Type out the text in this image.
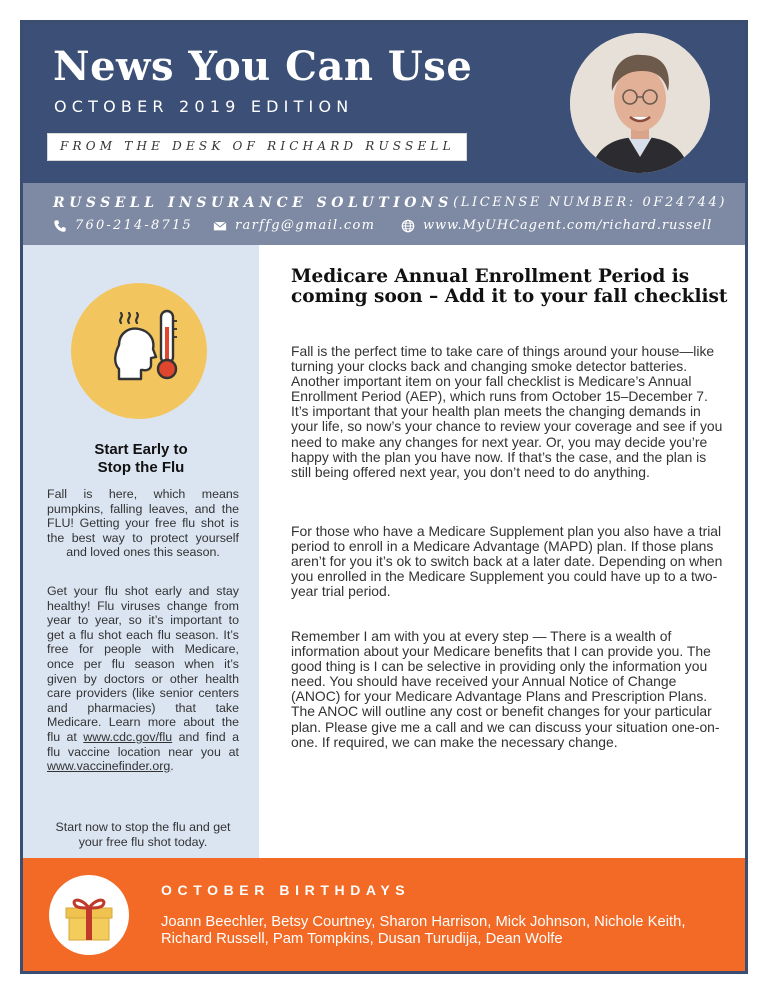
News You Can Use
OCTOBER 2019 EDITION
FROM THE DESK OF RICHARD RUSSELL
RUSSELL INSURANCE SOLUTIONS (LICENSE NUMBER: 0F24744)
760-214-8715	rarffg@gmail.com	www.MyUHCagent.com/richard.russell
Start Early to
Stop the Flu
Fall is here, which means pumpkins, falling leaves, and the FLU! Getting your free flu shot is the best way to protect yourself and loved ones this season.
Get your flu shot early and stay healthy! Flu viruses change from year to year, so it’s important to get a flu shot each flu season. It’s free for people with Medicare, once per flu season when it’s given by doctors or other health care providers (like senior centers and pharmacies) that take Medicare. Learn more about the flu at www.cdc.gov/flu and find a flu vaccine location near you at www.vaccinefinder.org.
Start now to stop the flu and get your free flu shot today.
Medicare Annual Enrollment Period is coming soon – Add it to your fall checklist
Fall is the perfect time to take care of things around your house—like turning your clocks back and changing smoke detector batteries. Another important item on your fall checklist is Medicare’s Annual Enrollment Period (AEP), which runs from October 15–December 7. It’s important that your health plan meets the changing demands in your life, so now’s your chance to review your coverage and see if you need to make any changes for next year. Or, you may decide you’re happy with the plan you have now. If that’s the case, and the plan is still being offered next year, you don’t need to do anything.
For those who have a Medicare Supplement plan you also have a trial period to enroll in a Medicare Advantage (MAPD) plan. If those plans aren’t for you it’s ok to switch back at a later date. Depending on when you enrolled in the Medicare Supplement you could have up to a two-year trial period.
Remember I am with you at every step — There is a wealth of information about your Medicare benefits that I can provide you. The good thing is I can be selective in providing only the information you need. You should have received your Annual Notice of Change (ANOC) for your Medicare Advantage Plans and Prescription Plans. The ANOC will outline any cost or benefit changes for your particular plan. Please give me a call and we can discuss your situation one-on-one. If required, we can make the necessary change.
OCTOBER BIRTHDAYS
Joann Beechler, Betsy Courtney, Sharon Harrison, Mick Johnson, Nichole Keith, Richard Russell, Pam Tompkins, Dusan Turudija, Dean Wolfe
